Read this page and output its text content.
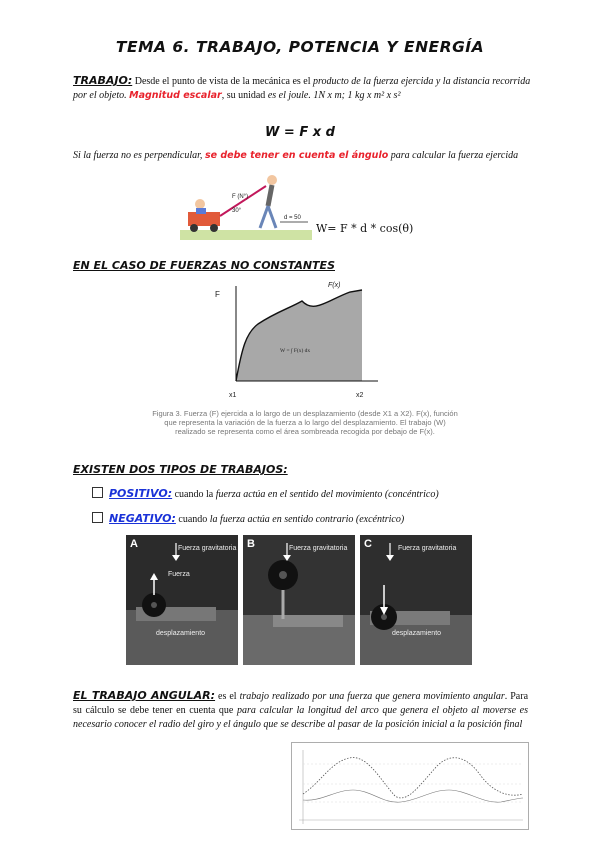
TEMA 6. TRABAJO, POTENCIA Y ENERGÍA
TRABAJO: Desde el punto de vista de la mecánica es el producto de la fuerza ejercida y la distancia recorrida por el objeto. Magnitud escalar, su unidad es el joule. 1N x m; 1 kg x m² x s²
W = F x d
Si la fuerza no es perpendicular, se debe tener en cuenta el ángulo para calcular la fuerza ejercida
F (N°)
30°
d = 50
W= F * d * cos(θ)
EN EL CASO DE FUERZAS NO CONSTANTES
F
F(x)
W = ∫ F(x) dx
x1	x2
Figura 3. Fuerza (F) ejercida a lo largo de un desplazamiento (desde X1 a X2). F(x), función
que representa la variación de la fuerza a lo largo del desplazamiento. El trabajo (W)
realizado se representa como el área sombreada recogida por debajo de F(x).
EXISTEN DOS TIPOS DE TRABAJOS:
POSITIVO: cuando la fuerza actúa en el sentido del movimiento (concéntrico)
NEGATIVO: cuando la fuerza actúa en sentido contrario (excéntrico)
A	Fuerza gravitatoria
Fuerza
desplazamiento
B	Fuerza gravitatoria C	Fuerza gravitatoria
desplazamiento
EL TRABAJO ANGULAR: es el trabajo realizado por una fuerza que genera movimiento angular. Para su cálculo se debe tener en cuenta que para calcular la longitud del arco que genera el objeto al moverse es necesario conocer el radio del giro y el ángulo que se describe al pasar de la posición inicial a la posición final
